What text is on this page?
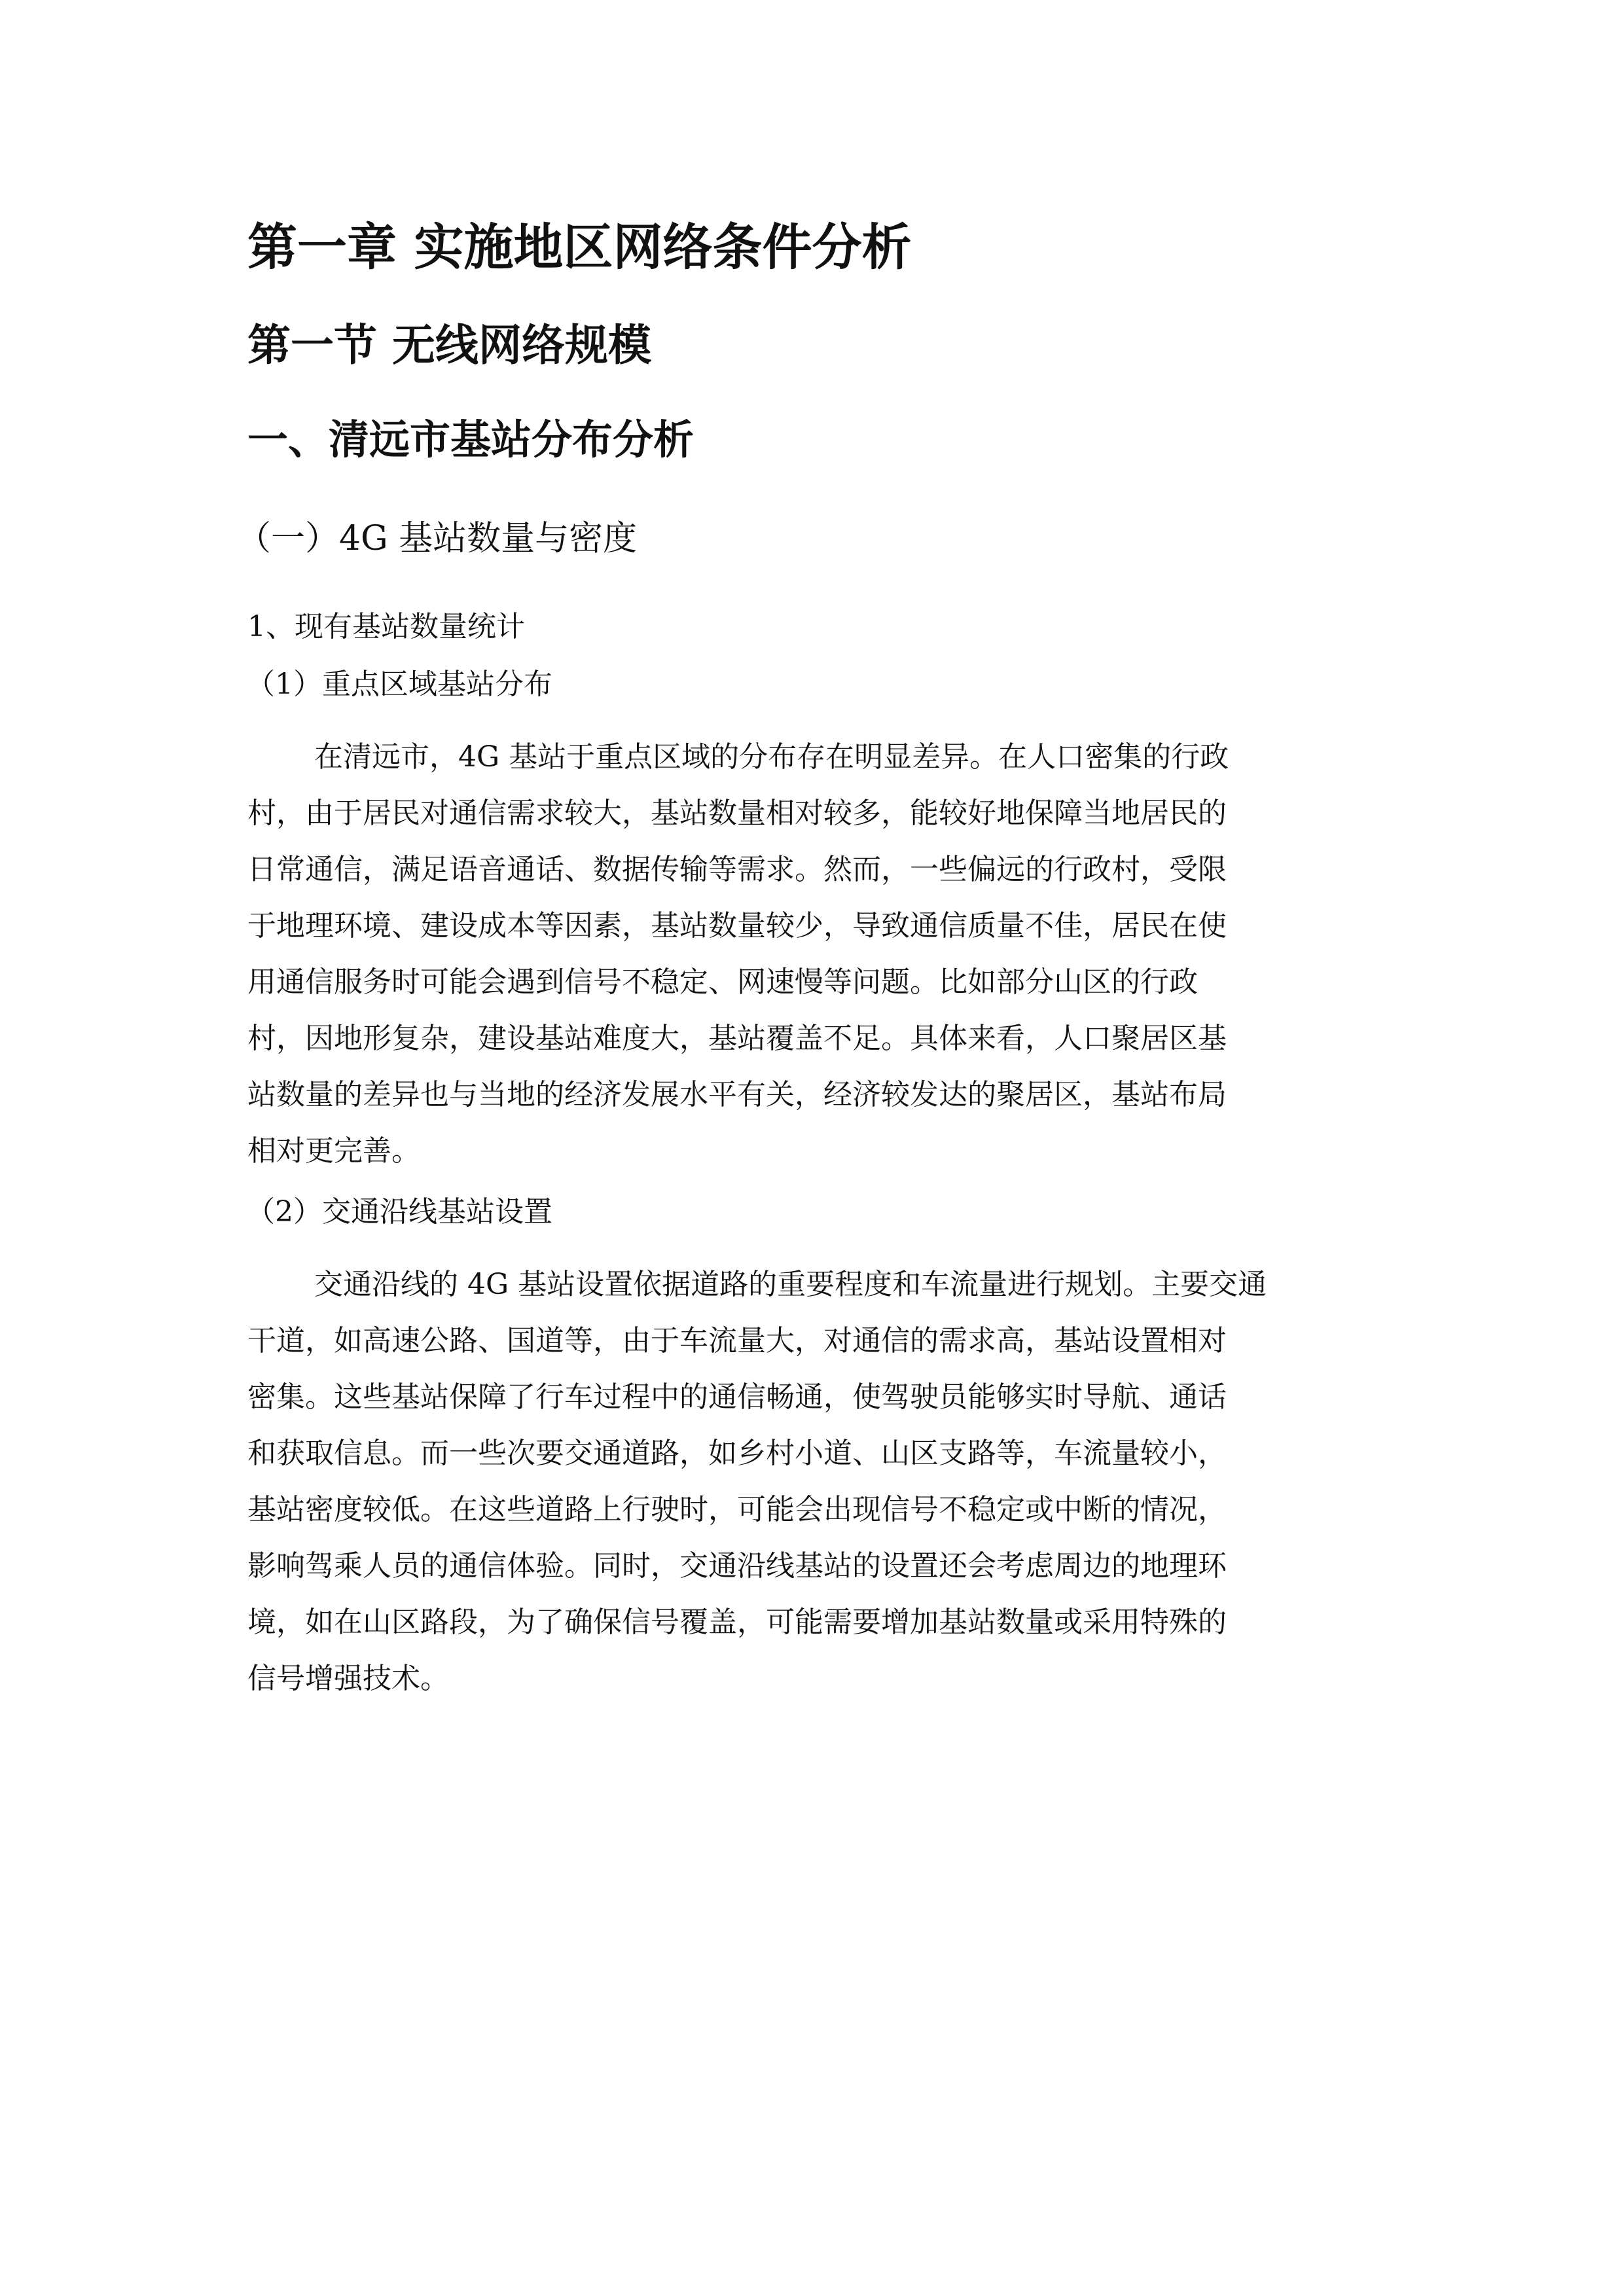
第一章 实施地区网络条件分析
第一节 无线网络规模
一、清远市基站分布分析
（一）4G 基站数量与密度
1、现有基站数量统计
（1）重点区域基站分布
在清远市，4G 基站于重点区域的分布存在明显差异。在人口密集的行政
村，由于居民对通信需求较大，基站数量相对较多，能较好地保障当地居民的
日常通信，满足语音通话、数据传输等需求。然而，一些偏远的行政村，受限
于地理环境、建设成本等因素，基站数量较少，导致通信质量不佳，居民在使
用通信服务时可能会遇到信号不稳定、网速慢等问题。比如部分山区的行政
村，因地形复杂，建设基站难度大，基站覆盖不足。具体来看，人口聚居区基
站数量的差异也与当地的经济发展水平有关，经济较发达的聚居区，基站布局
相对更完善。
（2）交通沿线基站设置
交通沿线的 4G 基站设置依据道路的重要程度和车流量进行规划。主要交通
干道，如高速公路、国道等，由于车流量大，对通信的需求高，基站设置相对
密集。这些基站保障了行车过程中的通信畅通，使驾驶员能够实时导航、通话
和获取信息。而一些次要交通道路，如乡村小道、山区支路等，车流量较小，
基站密度较低。在这些道路上行驶时，可能会出现信号不稳定或中断的情况，
影响驾乘人员的通信体验。同时，交通沿线基站的设置还会考虑周边的地理环
境，如在山区路段，为了确保信号覆盖，可能需要增加基站数量或采用特殊的
信号增强技术。
